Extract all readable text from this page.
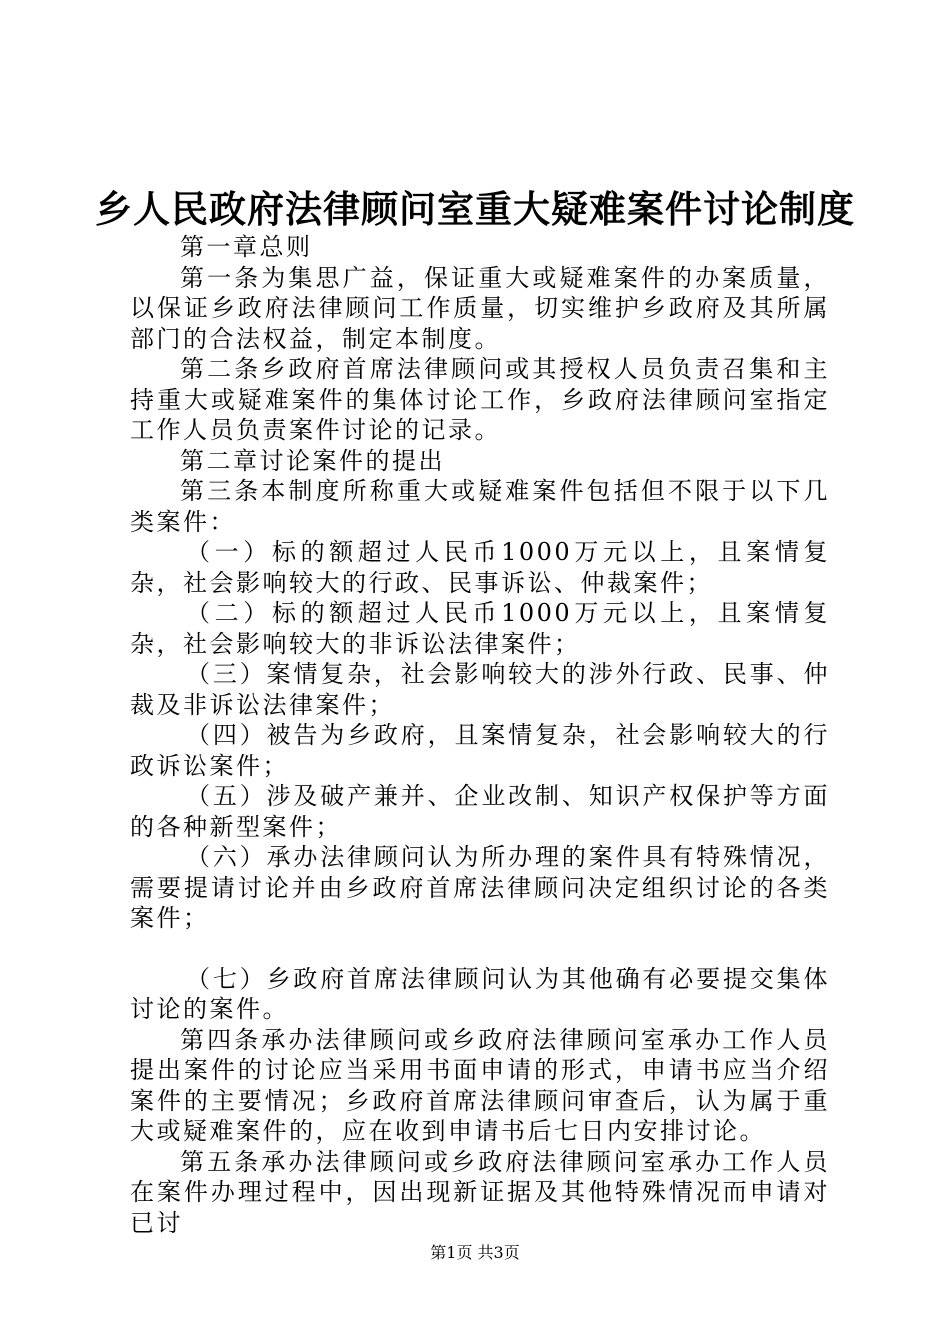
乡人民政府法律顾问室重大疑难案件讨论制度

第一章总则

第一条为集思广益，保证重大或疑难案件的办案质量，以保证乡政府法律顾问工作质量，切实维护乡政府及其所属部门的合法权益，制定本制度。

第二条乡政府首席法律顾问或其授权人员负责召集和主持重大或疑难案件的集体讨论工作，乡政府法律顾问室指定工作人员负责案件讨论的记录。

第二章讨论案件的提出

第三条本制度所称重大或疑难案件包括但不限于以下几类案件：

（一）标的额超过人民币1000万元以上，且案情复杂，社会影响较大的行政、民事诉讼、仲裁案件；

（二）标的额超过人民币1000万元以上，且案情复杂，社会影响较大的非诉讼法律案件；

（三）案情复杂，社会影响较大的涉外行政、民事、仲裁及非诉讼法律案件；

（四）被告为乡政府，且案情复杂，社会影响较大的行政诉讼案件；

（五）涉及破产兼并、企业改制、知识产权保护等方面的各种新型案件；

（六）承办法律顾问认为所办理的案件具有特殊情况，需要提请讨论并由乡政府首席法律顾问决定组织讨论的各类案件；

（七）乡政府首席法律顾问认为其他确有必要提交集体讨论的案件。

第四条承办法律顾问或乡政府法律顾问室承办工作人员提出案件的讨论应当采用书面申请的形式，申请书应当介绍案件的主要情况；乡政府首席法律顾问审查后，认为属于重大或疑难案件的，应在收到申请书后七日内安排讨论。

第五条承办法律顾问或乡政府法律顾问室承办工作人员在案件办理过程中，因出现新证据及其他特殊情况而申请对已讨

第1页 共3页
